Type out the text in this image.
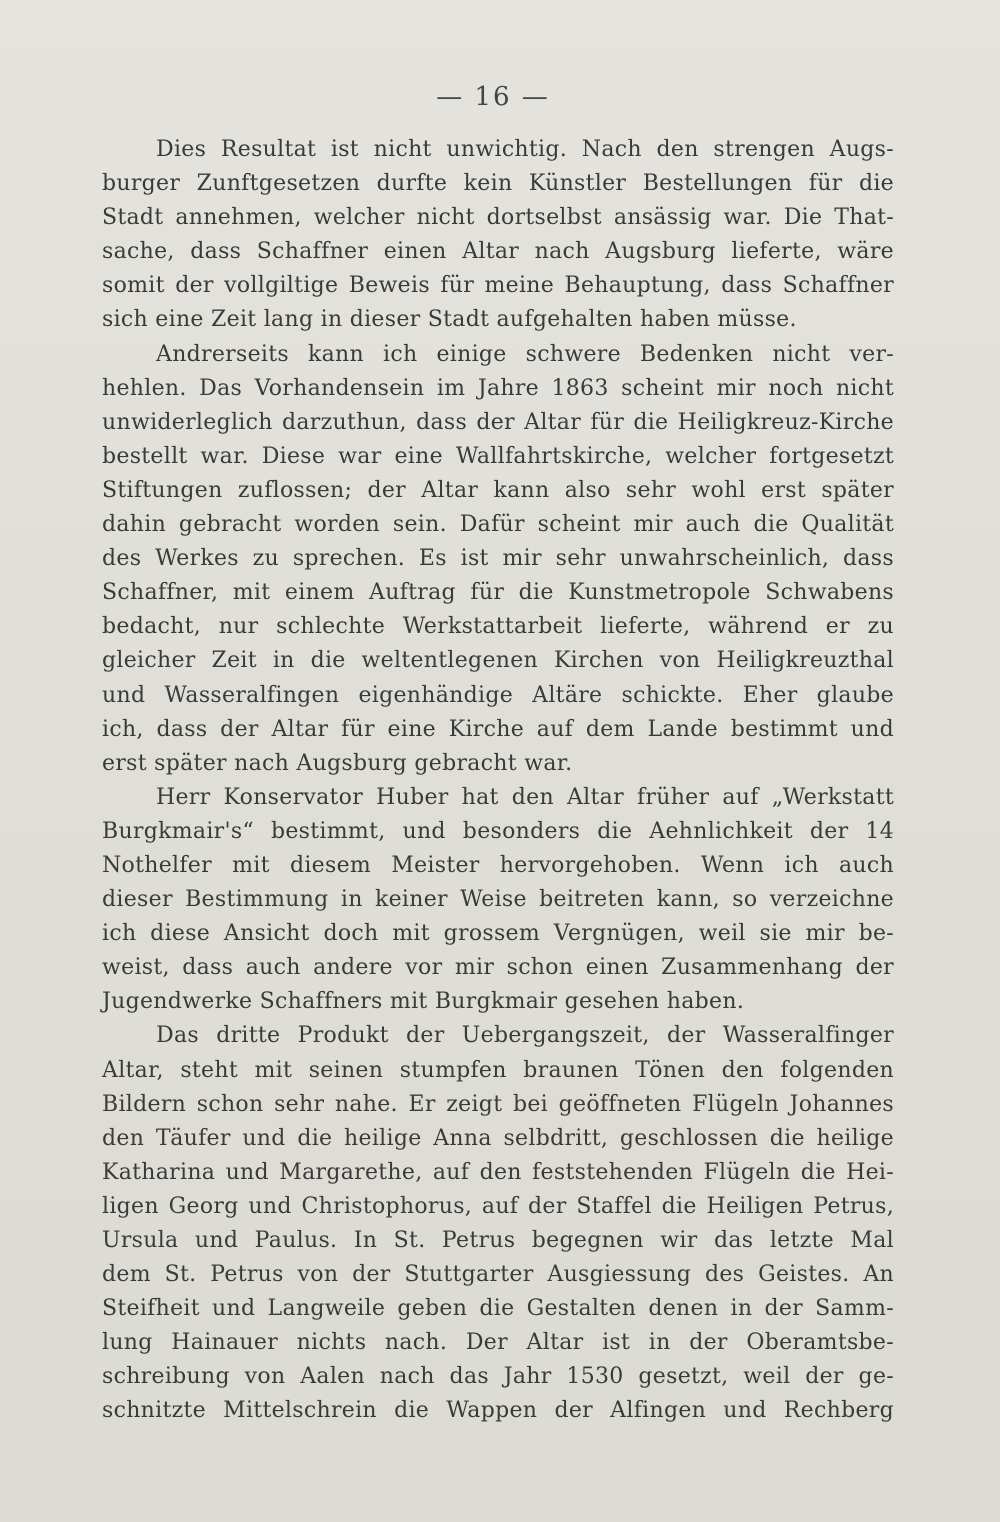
— 16 —
Dies Resultat ist nicht unwichtig. Nach den strengen Augs-
burger Zunftgesetzen durfte kein Künstler Bestellungen für die
Stadt annehmen, welcher nicht dortselbst ansässig war. Die That-
sache, dass Schaffner einen Altar nach Augsburg lieferte, wäre
somit der vollgiltige Beweis für meine Behauptung, dass Schaffner
sich eine Zeit lang in dieser Stadt aufgehalten haben müsse.
Andrerseits kann ich einige schwere Bedenken nicht ver-
hehlen. Das Vorhandensein im Jahre 1863 scheint mir noch nicht
unwiderleglich darzuthun, dass der Altar für die Heiligkreuz-Kirche
bestellt war. Diese war eine Wallfahrtskirche, welcher fortgesetzt
Stiftungen zuflossen; der Altar kann also sehr wohl erst später
dahin gebracht worden sein. Dafür scheint mir auch die Qualität
des Werkes zu sprechen. Es ist mir sehr unwahrscheinlich, dass
Schaffner, mit einem Auftrag für die Kunstmetropole Schwabens
bedacht, nur schlechte Werkstattarbeit lieferte, während er zu
gleicher Zeit in die weltentlegenen Kirchen von Heiligkreuzthal
und Wasseralfingen eigenhändige Altäre schickte. Eher glaube
ich, dass der Altar für eine Kirche auf dem Lande bestimmt und
erst später nach Augsburg gebracht war.
Herr Konservator Huber hat den Altar früher auf „Werkstatt
Burgkmair's“ bestimmt, und besonders die Aehnlichkeit der 14
Nothelfer mit diesem Meister hervorgehoben. Wenn ich auch
dieser Bestimmung in keiner Weise beitreten kann, so verzeichne
ich diese Ansicht doch mit grossem Vergnügen, weil sie mir be-
weist, dass auch andere vor mir schon einen Zusammenhang der
Jugendwerke Schaffners mit Burgkmair gesehen haben.
Das dritte Produkt der Uebergangszeit, der Wasseralfinger
Altar, steht mit seinen stumpfen braunen Tönen den folgenden
Bildern schon sehr nahe. Er zeigt bei geöffneten Flügeln Johannes
den Täufer und die heilige Anna selbdritt, geschlossen die heilige
Katharina und Margarethe, auf den feststehenden Flügeln die Hei-
ligen Georg und Christophorus, auf der Staffel die Heiligen Petrus,
Ursula und Paulus. In St. Petrus begegnen wir das letzte Mal
dem St. Petrus von der Stuttgarter Ausgiessung des Geistes. An
Steifheit und Langweile geben die Gestalten denen in der Samm-
lung Hainauer nichts nach. Der Altar ist in der Oberamtsbe-
schreibung von Aalen nach das Jahr 1530 gesetzt, weil der ge-
schnitzte Mittelschrein die Wappen der Alfingen und Rechberg
